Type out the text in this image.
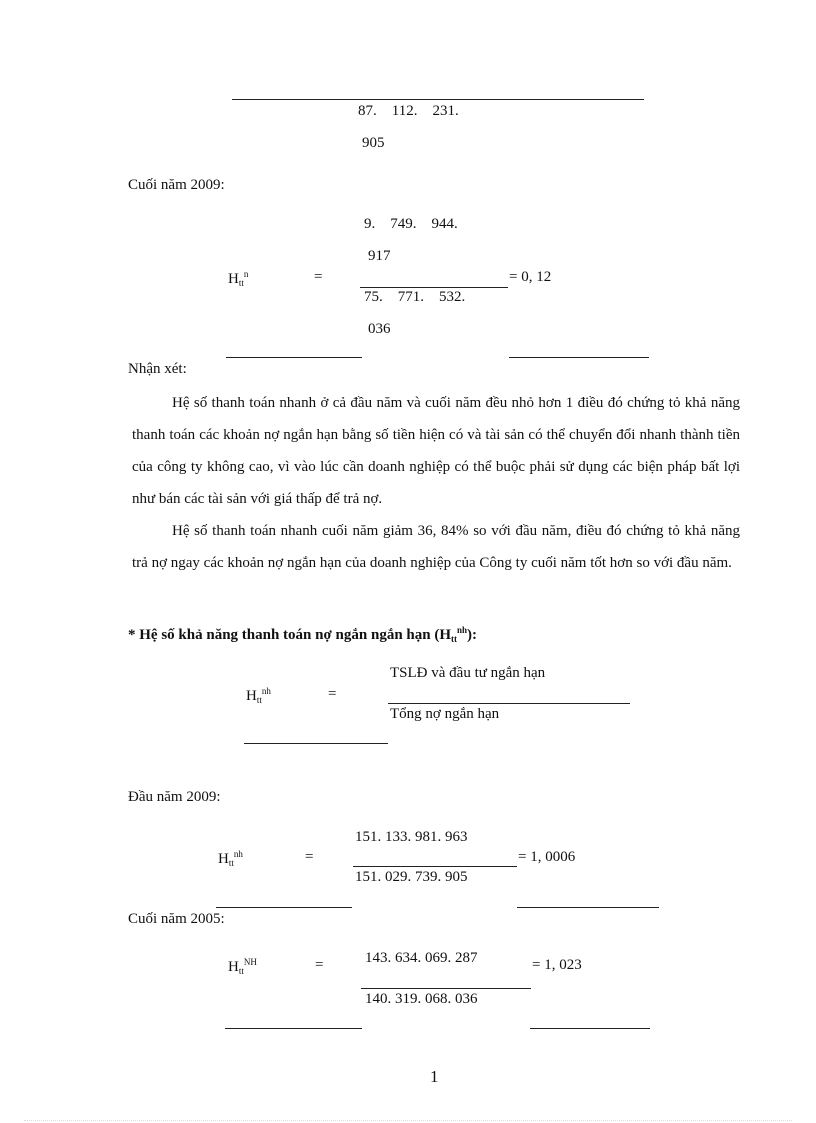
87.    112.    231.
905
Cuối năm 2009:
9.    749.    944.
917
$H_{tt}^n$	=	= 0, 12
75.    771.    532.
036
Nhận xét:
Hệ số thanh toán nhanh ở cả đầu năm và cuối năm đều nhỏ hơn 1 điều đó chứng tỏ khả năng thanh toán các khoản nợ ngắn hạn bằng số tiền hiện có và tài sản có thể chuyển đổi nhanh thành tiền của công ty không cao, vì vào lúc cần doanh nghiệp có thể buộc phải sử dụng các biện pháp bất lợi như bán các tài sản với giá thấp để trả nợ.
Hệ số thanh toán nhanh cuối năm giảm 36, 84% so với đầu năm, điều đó chứng tỏ khả năng trả nợ ngay các khoản nợ ngắn hạn của doanh nghiệp của Công ty cuối năm tốt hơn so với đầu năm.
* Hệ số khả năng thanh toán nợ ngắn ngắn hạn $(H_{tt}^{nh})$:
TSLĐ và đầu tư ngắn hạn
$H_{tt}^{nh}$	=
Tổng nợ ngắn hạn
Đầu năm 2009:
151. 133. 981. 963
$H_{tt}^{nh}$	=	= 1, 0006
151. 029. 739. 905
Cuối năm 2005:
143. 634. 069. 287
$H_{tt}^{NH}$	=	= 1, 023
140. 319. 068. 036
1
